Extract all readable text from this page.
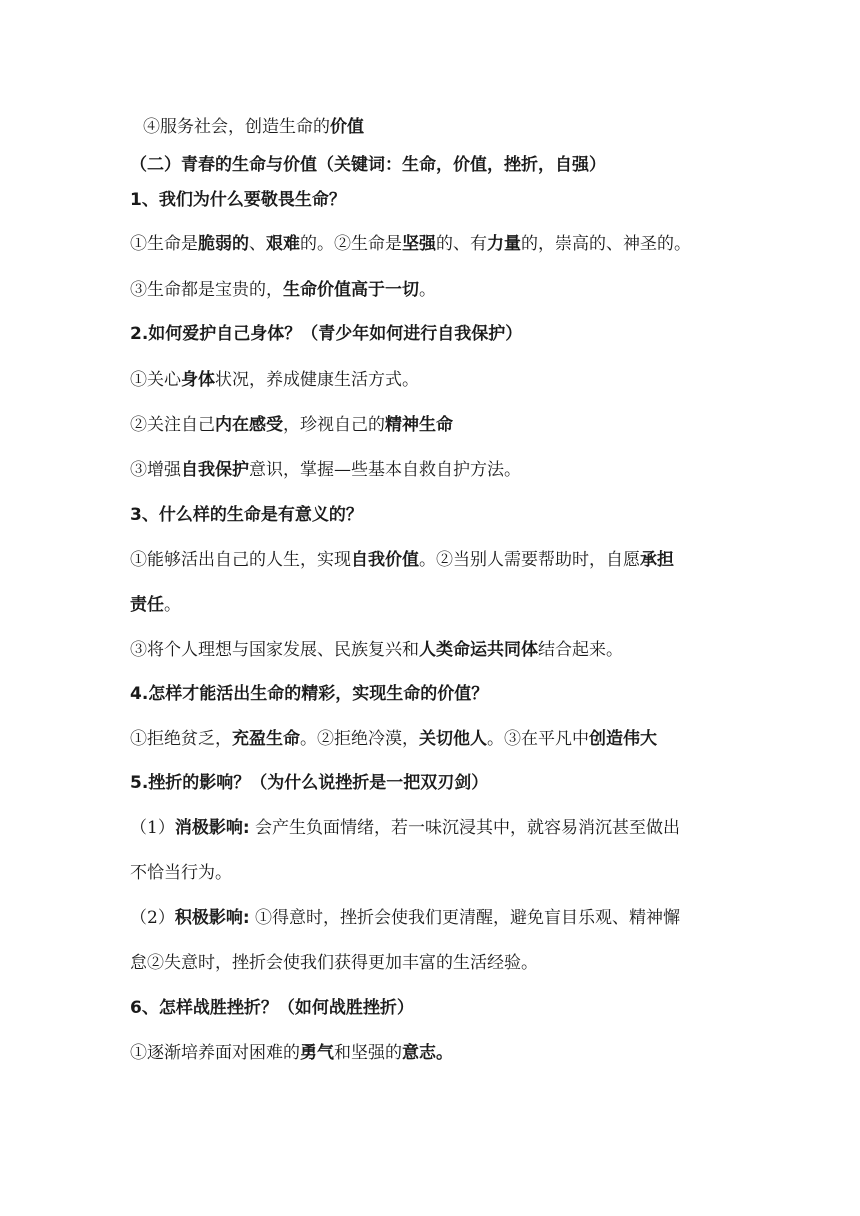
④服务社会，创造生命的价值
（二）青春的生命与价值（关键词：生命，价值，挫折，自强）
1、我们为什么要敬畏生命？
①生命是脆弱的、艰难的。②生命是坚强的、有力量的，崇高的、神圣的。
③生命都是宝贵的，生命价值高于一切。
2.如何爱护自己身体？（青少年如何进行自我保护）
①关心身体状况，养成健康生活方式。
②关注自己内在感受，珍视自己的精神生命
③增强自我保护意识，掌握—些基本自救自护方法。
3、什么样的生命是有意义的？
①能够活出自己的人生，实现自我价值。②当别人需要帮助时，自愿承担
责任。
③将个人理想与国家发展、民族复兴和人类命运共同体结合起来。
4.怎样才能活出生命的精彩，实现生命的价值？
①拒绝贫乏，充盈生命。②拒绝冷漠，关切他人。③在平凡中创造伟大
5.挫折的影响？（为什么说挫折是一把双刃剑）
（1）消极影响: 会产生负面情绪，若一味沉浸其中，就容易消沉甚至做出
不恰当行为。
（2）积极影响: ①得意时，挫折会使我们更清醒，避免盲目乐观、精神懈
怠②失意时，挫折会使我们获得更加丰富的生活经验。
6、怎样战胜挫折？（如何战胜挫折）
①逐渐培养面对困难的勇气和坚强的意志。
